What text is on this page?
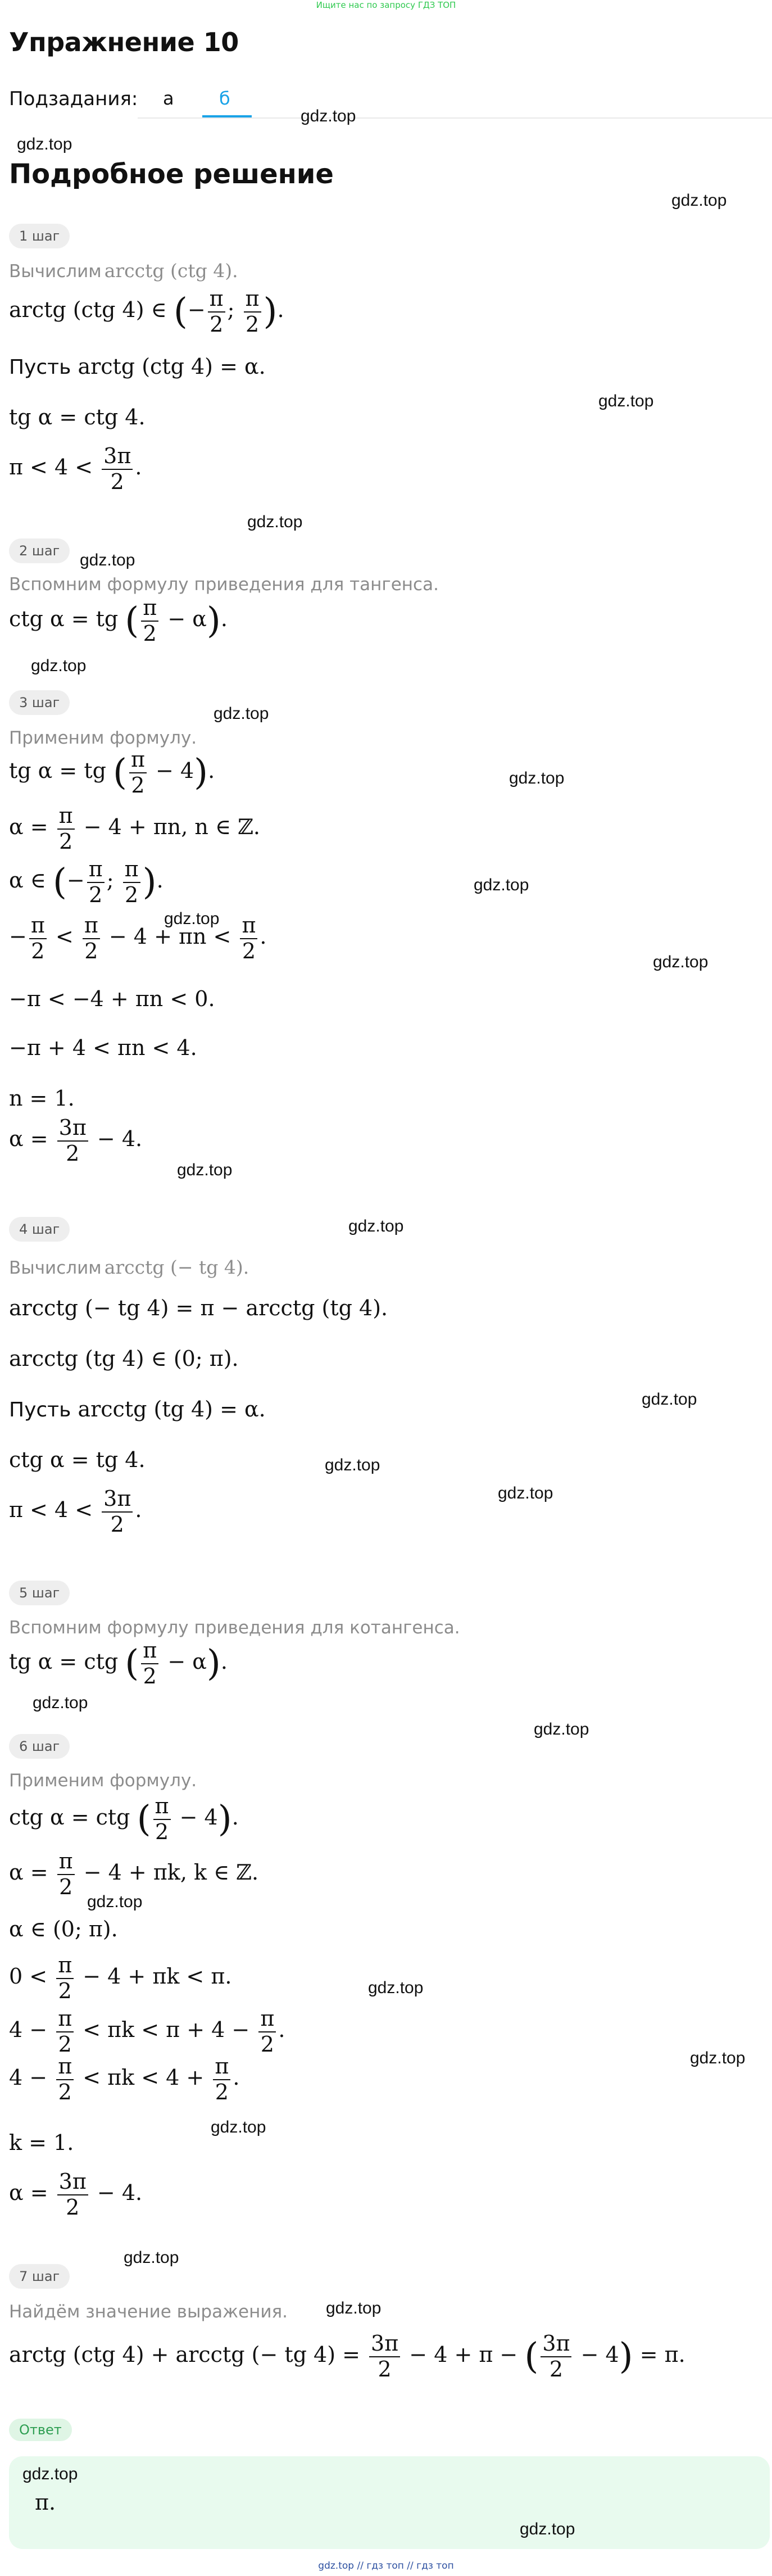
Ищите нас по запросу ГДЗ ТОП
Упражнение 10
Подзадания: а	б
gdz.top
gdz.top
Подробное решение
gdz.top
1 шаг
Вычислим arcctg (ctg 4).
arctg (ctg 4) ∈ (− $\frac{\pi}{2}$ ; $\frac{\pi}{2}$ ).
Пусть arctg (ctg 4) = α.
tg α = ctg 4.
gdz.top
$\pi < 4 < \frac{3\pi}{2}$ .
gdz.top
2 шаг	gdz.top
Вспомним формулу приведения для тангенса.
ctg α = tg ( $\frac{\pi}{2} - \alpha$).
gdz.top
3 шаг
gdz.top
Применим формулу.
tg α = tg ( $\frac{\pi}{2} - 4$).	gdz.top
$\alpha = \frac{\pi}{2} - 4 + \pi n$, n ∈ ℤ.
α ∈ (− $\frac{\pi}{2}$ ; $\frac{\pi}{2}$ ).	gdz.top
gdz.top
− $\frac{\pi}{2} < \frac{\pi}{2} - 4 + \pi n < \frac{\pi}{2}$ .
gdz.top
−π < −4 + πn < 0.
−π + 4 < πn < 4.
n = 1.
$\alpha = \frac{3\pi}{2} - 4$.
gdz.top
4 шаг	gdz.top
Вычислим arcctg (− tg 4).
arcctg (− tg 4) = π − arcctg (tg 4).
arcctg (tg 4) ∈ (0; π).
gdz.top
Пусть arcctg (tg 4) = α.
ctg α = tg 4.	gdz.top
gdz.top
$\pi < 4 < \frac{3\pi}{2}$ .
5 шаг
Вспомним формулу приведения для котангенса.
tg α = ctg ( $\frac{\pi}{2} - \alpha$).
gdz.top
gdz.top
6 шаг
Применим формулу.
ctg α = ctg ( $\frac{\pi}{2} - 4$).
$\alpha = \frac{\pi}{2} - 4 + \pi k$, k ∈ ℤ.
gdz.top
α ∈ (0; π).
$0 < \frac{\pi}{2} - 4 + \pi k < \pi$.	gdz.top
$4 - \frac{\pi}{2} < \pi k < \pi + 4 - \frac{\pi}{2}$ .
gdz.top
$4 - \frac{\pi}{2} < \pi k < 4 + \frac{\pi}{2}$ .
gdz.top
k = 1.
$\alpha = \frac{3\pi}{2} - 4$.
gdz.top
7 шаг
gdz.top
Найдём значение выражения.
arctg (ctg 4) + arcctg (− tg $4) = \frac{3\pi}{2} - 4 + \pi$ − ( $\frac{3\pi}{2} - 4) = \pi$.
Ответ
gdz.top
π.
gdz.top
gdz.top // гдз топ // гдз топ
